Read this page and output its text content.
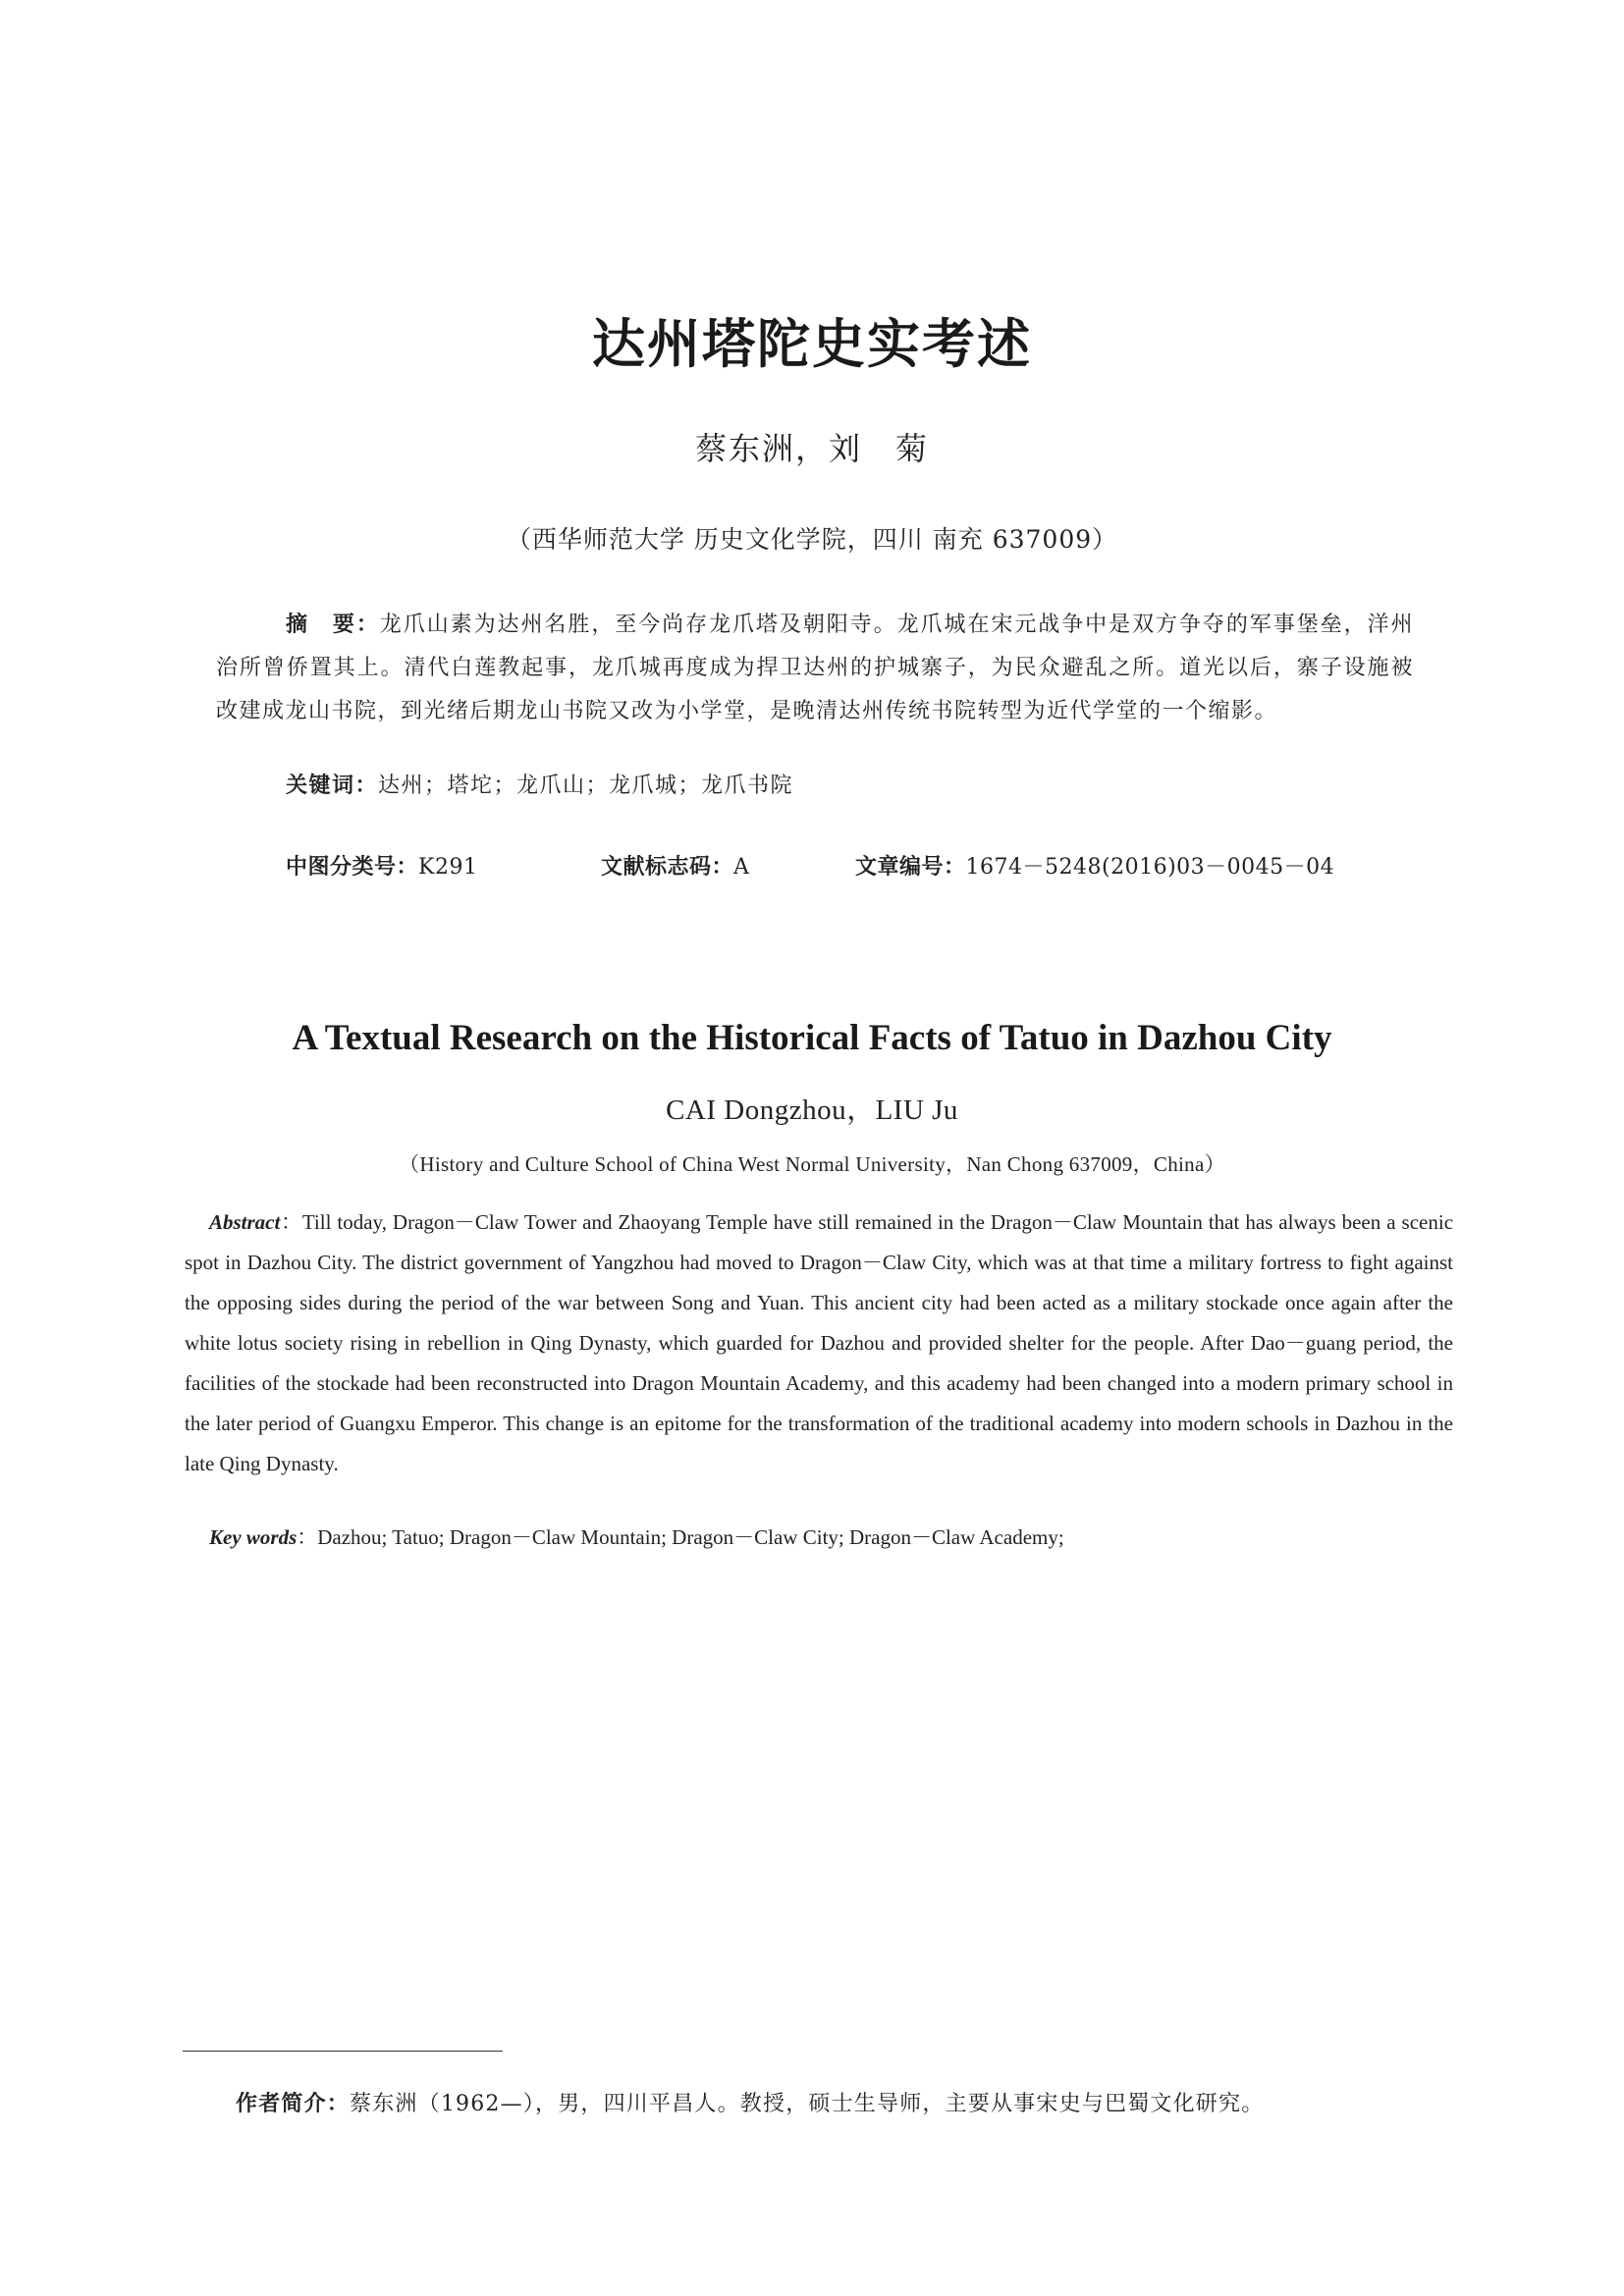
达州塔陀史实考述
蔡东洲，刘　菊
（西华师范大学 历史文化学院，四川 南充 637009）
摘　要：龙爪山素为达州名胜，至今尚存龙爪塔及朝阳寺。龙爪城在宋元战争中是双方争夺的军事堡垒，洋州治所曾侨置其上。清代白莲教起事，龙爪城再度成为捍卫达州的护城寨子，为民众避乱之所。道光以后，寨子设施被改建成龙山书院，到光绪后期龙山书院又改为小学堂，是晚清达州传统书院转型为近代学堂的一个缩影。
关键词：达州；塔坨；龙爪山；龙爪城；龙爪书院
中图分类号：K291	文献标志码：A	文章编号：1674－5248(2016)03－0045－04
A Textual Research on the Historical Facts of Tatuo in Dazhou City
CAI Dongzhou，LIU Ju
（History and Culture School of China West Normal University，Nan Chong 637009，China）
Abstract：Till today, Dragon－Claw Tower and Zhaoyang Temple have still remained in the Dragon－Claw Mountain that has always been a scenic spot in Dazhou City. The district government of Yangzhou had moved to Dragon－Claw City, which was at that time a military fortress to fight against the opposing sides during the period of the war between Song and Yuan. This ancient city had been acted as a military stockade once again after the white lotus society rising in rebellion in Qing Dynasty, which guarded for Dazhou and provided shelter for the people. After Dao－guang period, the facilities of the stockade had been reconstructed into Dragon Mountain Academy, and this academy had been changed into a modern primary school in the later period of Guangxu Emperor. This change is an epitome for the transformation of the traditional academy into modern schools in Dazhou in the late Qing Dynasty.
Key words：Dazhou; Tatuo; Dragon－Claw Mountain; Dragon－Claw City; Dragon－Claw Academy;
作者简介：蔡东洲（1962—），男，四川平昌人。教授，硕士生导师，主要从事宋史与巴蜀文化研究。
